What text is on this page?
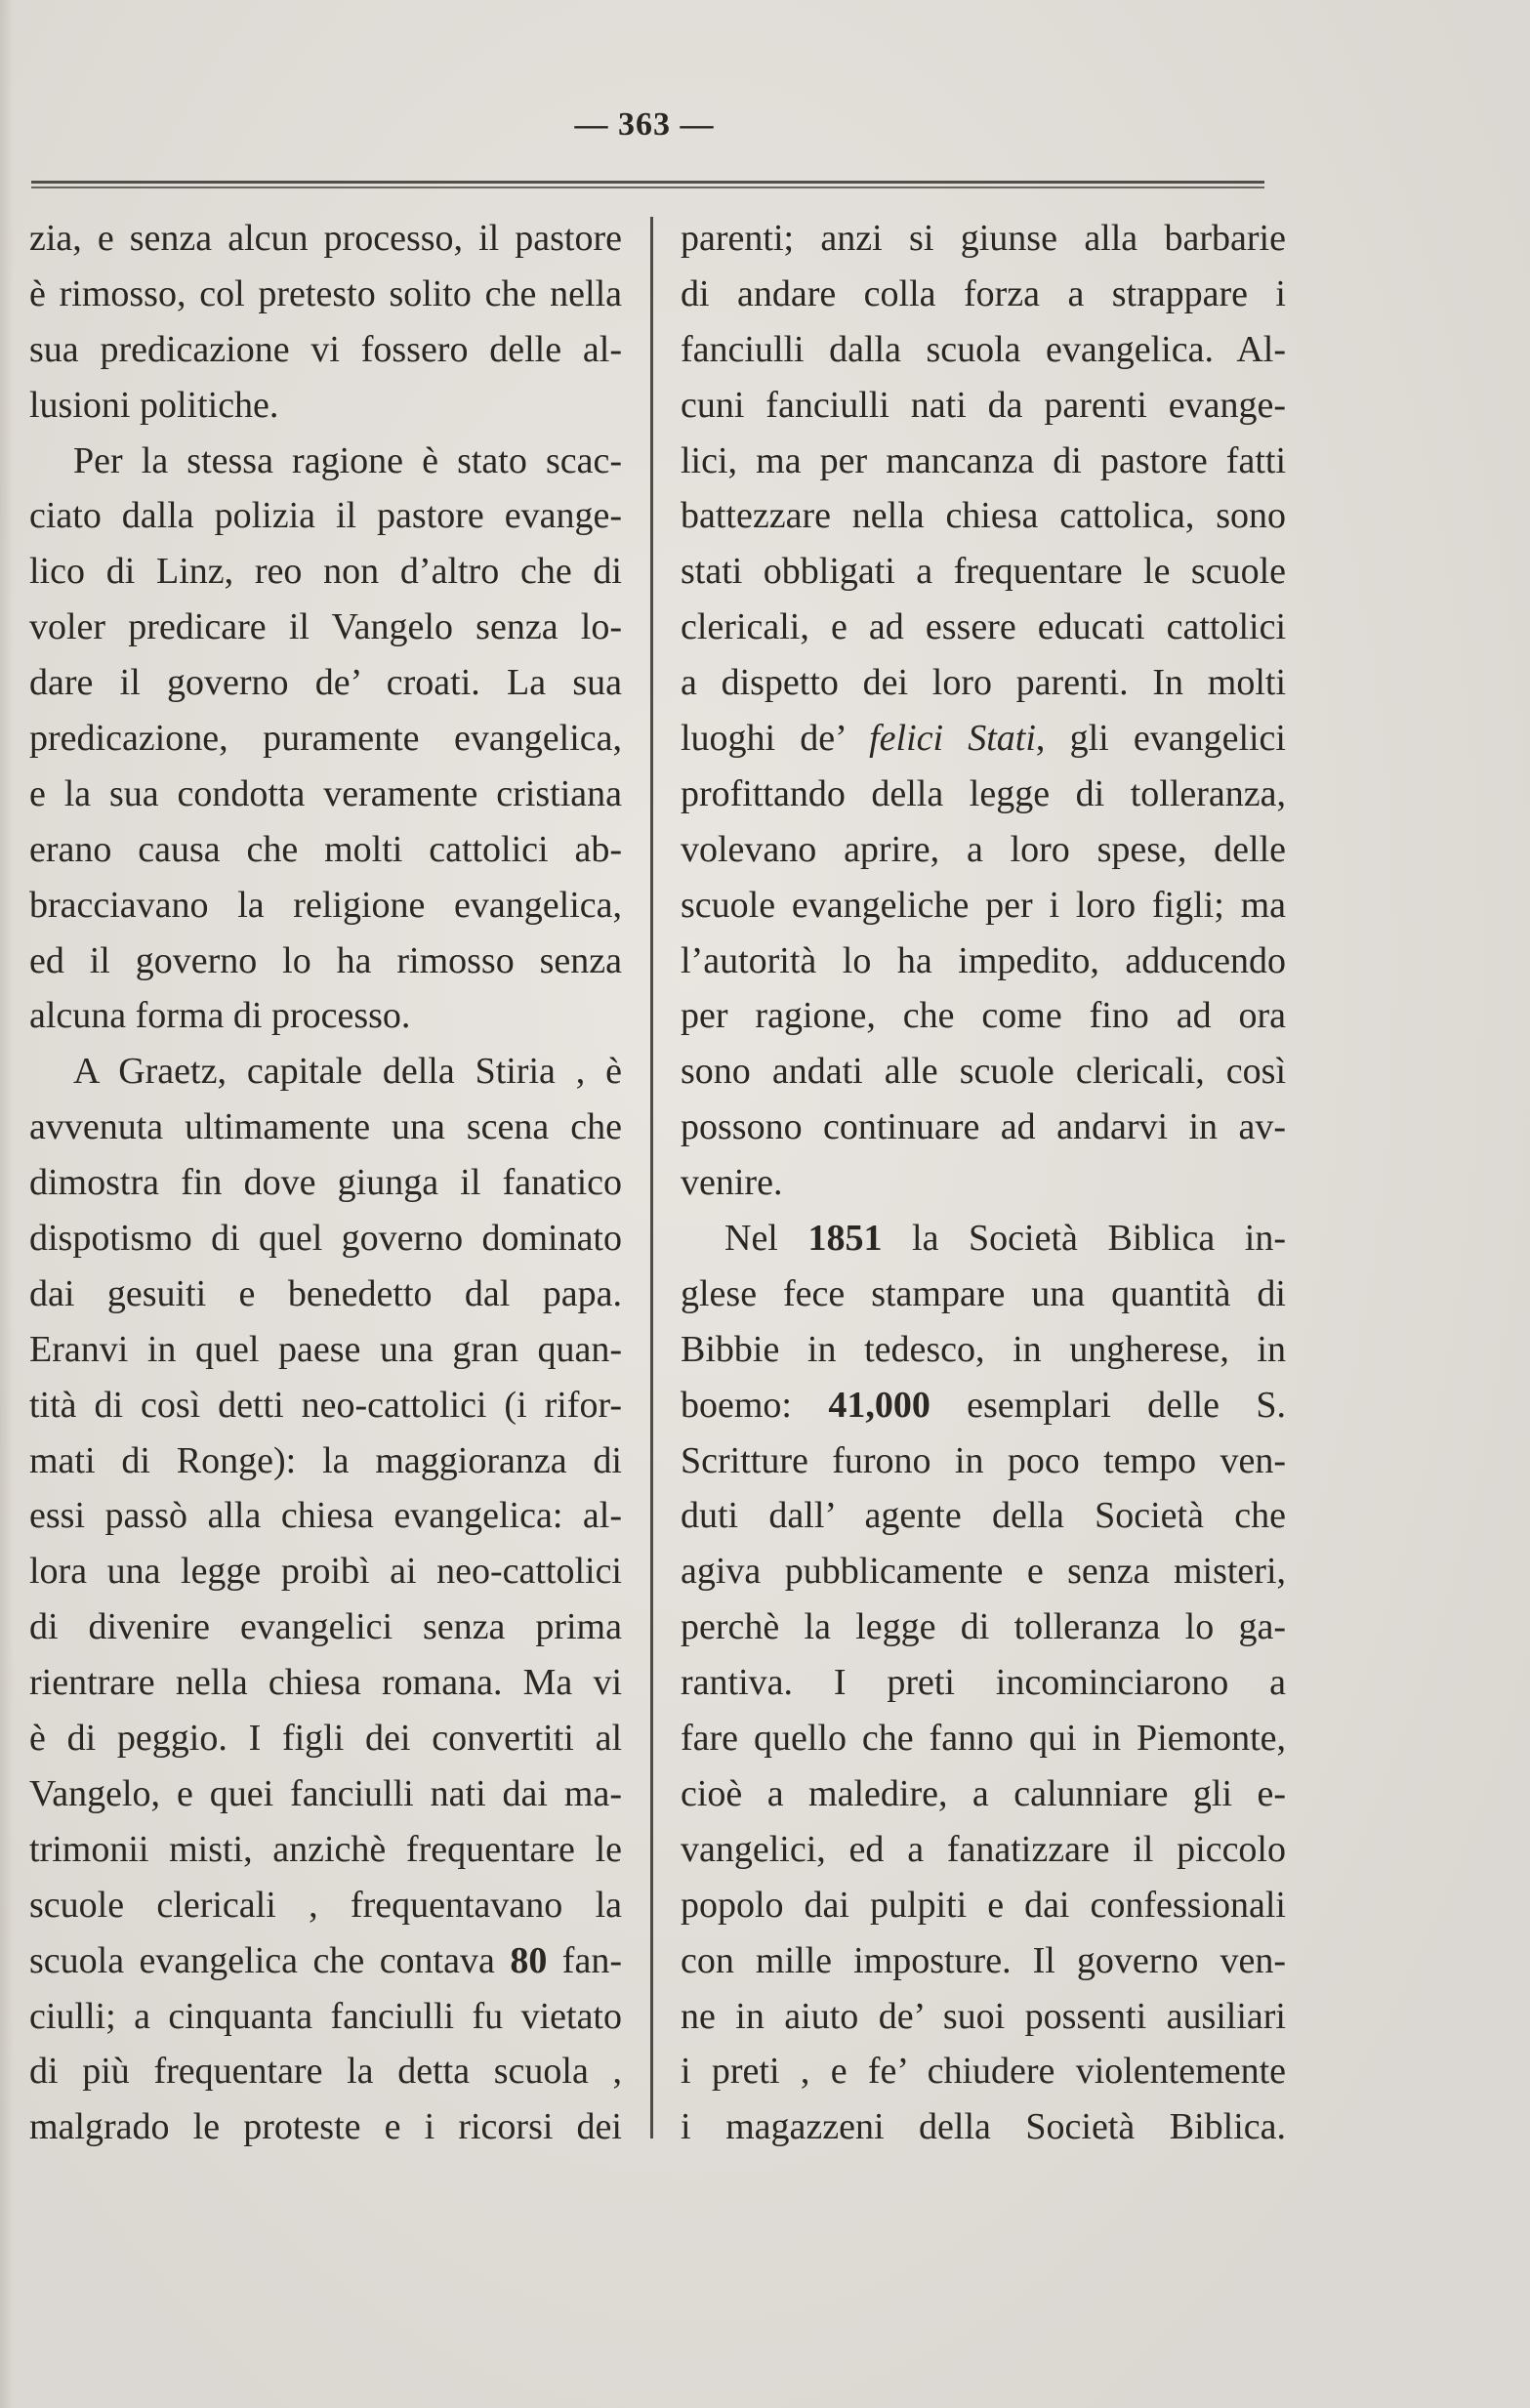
— 363 —
zia, e senza alcun processo, il pastore
è rimosso, col pretesto solito che nella
sua predicazione vi fossero delle al-
lusioni politiche.
Per la stessa ragione è stato scac-
ciato dalla polizia il pastore evange-
lico di Linz, reo non d’altro che di
voler predicare il Vangelo senza lo-
dare il governo de’ croati. La sua
predicazione, puramente evangelica,
e la sua condotta veramente cristiana
erano causa che molti cattolici ab-
bracciavano la religione evangelica,
ed il governo lo ha rimosso senza
alcuna forma di processo.
A Graetz, capitale della Stiria , è
avvenuta ultimamente una scena che
dimostra fin dove giunga il fanatico
dispotismo di quel governo dominato
dai gesuiti e benedetto dal papa.
Eranvi in quel paese una gran quan-
tità di così detti neo-cattolici (i rifor-
mati di Ronge): la maggioranza di
essi passò alla chiesa evangelica: al-
lora una legge proibì ai neo-cattolici
di divenire evangelici senza prima
rientrare nella chiesa romana. Ma vi
è di peggio. I figli dei convertiti al
Vangelo, e quei fanciulli nati dai ma-
trimonii misti, anzichè frequentare le
scuole clericali , frequentavano la
scuola evangelica che contava 80 fan-
ciulli; a cinquanta fanciulli fu vietato
di più frequentare la detta scuola ,
malgrado le proteste e i ricorsi dei
parenti; anzi si giunse alla barbarie
di andare colla forza a strappare i
fanciulli dalla scuola evangelica. Al-
cuni fanciulli nati da parenti evange-
lici, ma per mancanza di pastore fatti
battezzare nella chiesa cattolica, sono
stati obbligati a frequentare le scuole
clericali, e ad essere educati cattolici
a dispetto dei loro parenti. In molti
luoghi de’ felici Stati, gli evangelici
profittando della legge di tolleranza,
volevano aprire, a loro spese, delle
scuole evangeliche per i loro figli; ma
l’autorità lo ha impedito, adducendo
per ragione, che come fino ad ora
sono andati alle scuole clericali, così
possono continuare ad andarvi in av-
venire.
Nel 1851 la Società Biblica in-
glese fece stampare una quantità di
Bibbie in tedesco, in ungherese, in
boemo: 41,000 esemplari delle S.
Scritture furono in poco tempo ven-
duti dall’ agente della Società che
agiva pubblicamente e senza misteri,
perchè la legge di tolleranza lo ga-
rantiva. I preti incominciarono a
fare quello che fanno qui in Piemonte,
cioè a maledire, a calunniare gli e-
vangelici, ed a fanatizzare il piccolo
popolo dai pulpiti e dai confessionali
con mille imposture. Il governo ven-
ne in aiuto de’ suoi possenti ausiliari
i preti , e fe’ chiudere violentemente
i magazzeni della Società Biblica.
